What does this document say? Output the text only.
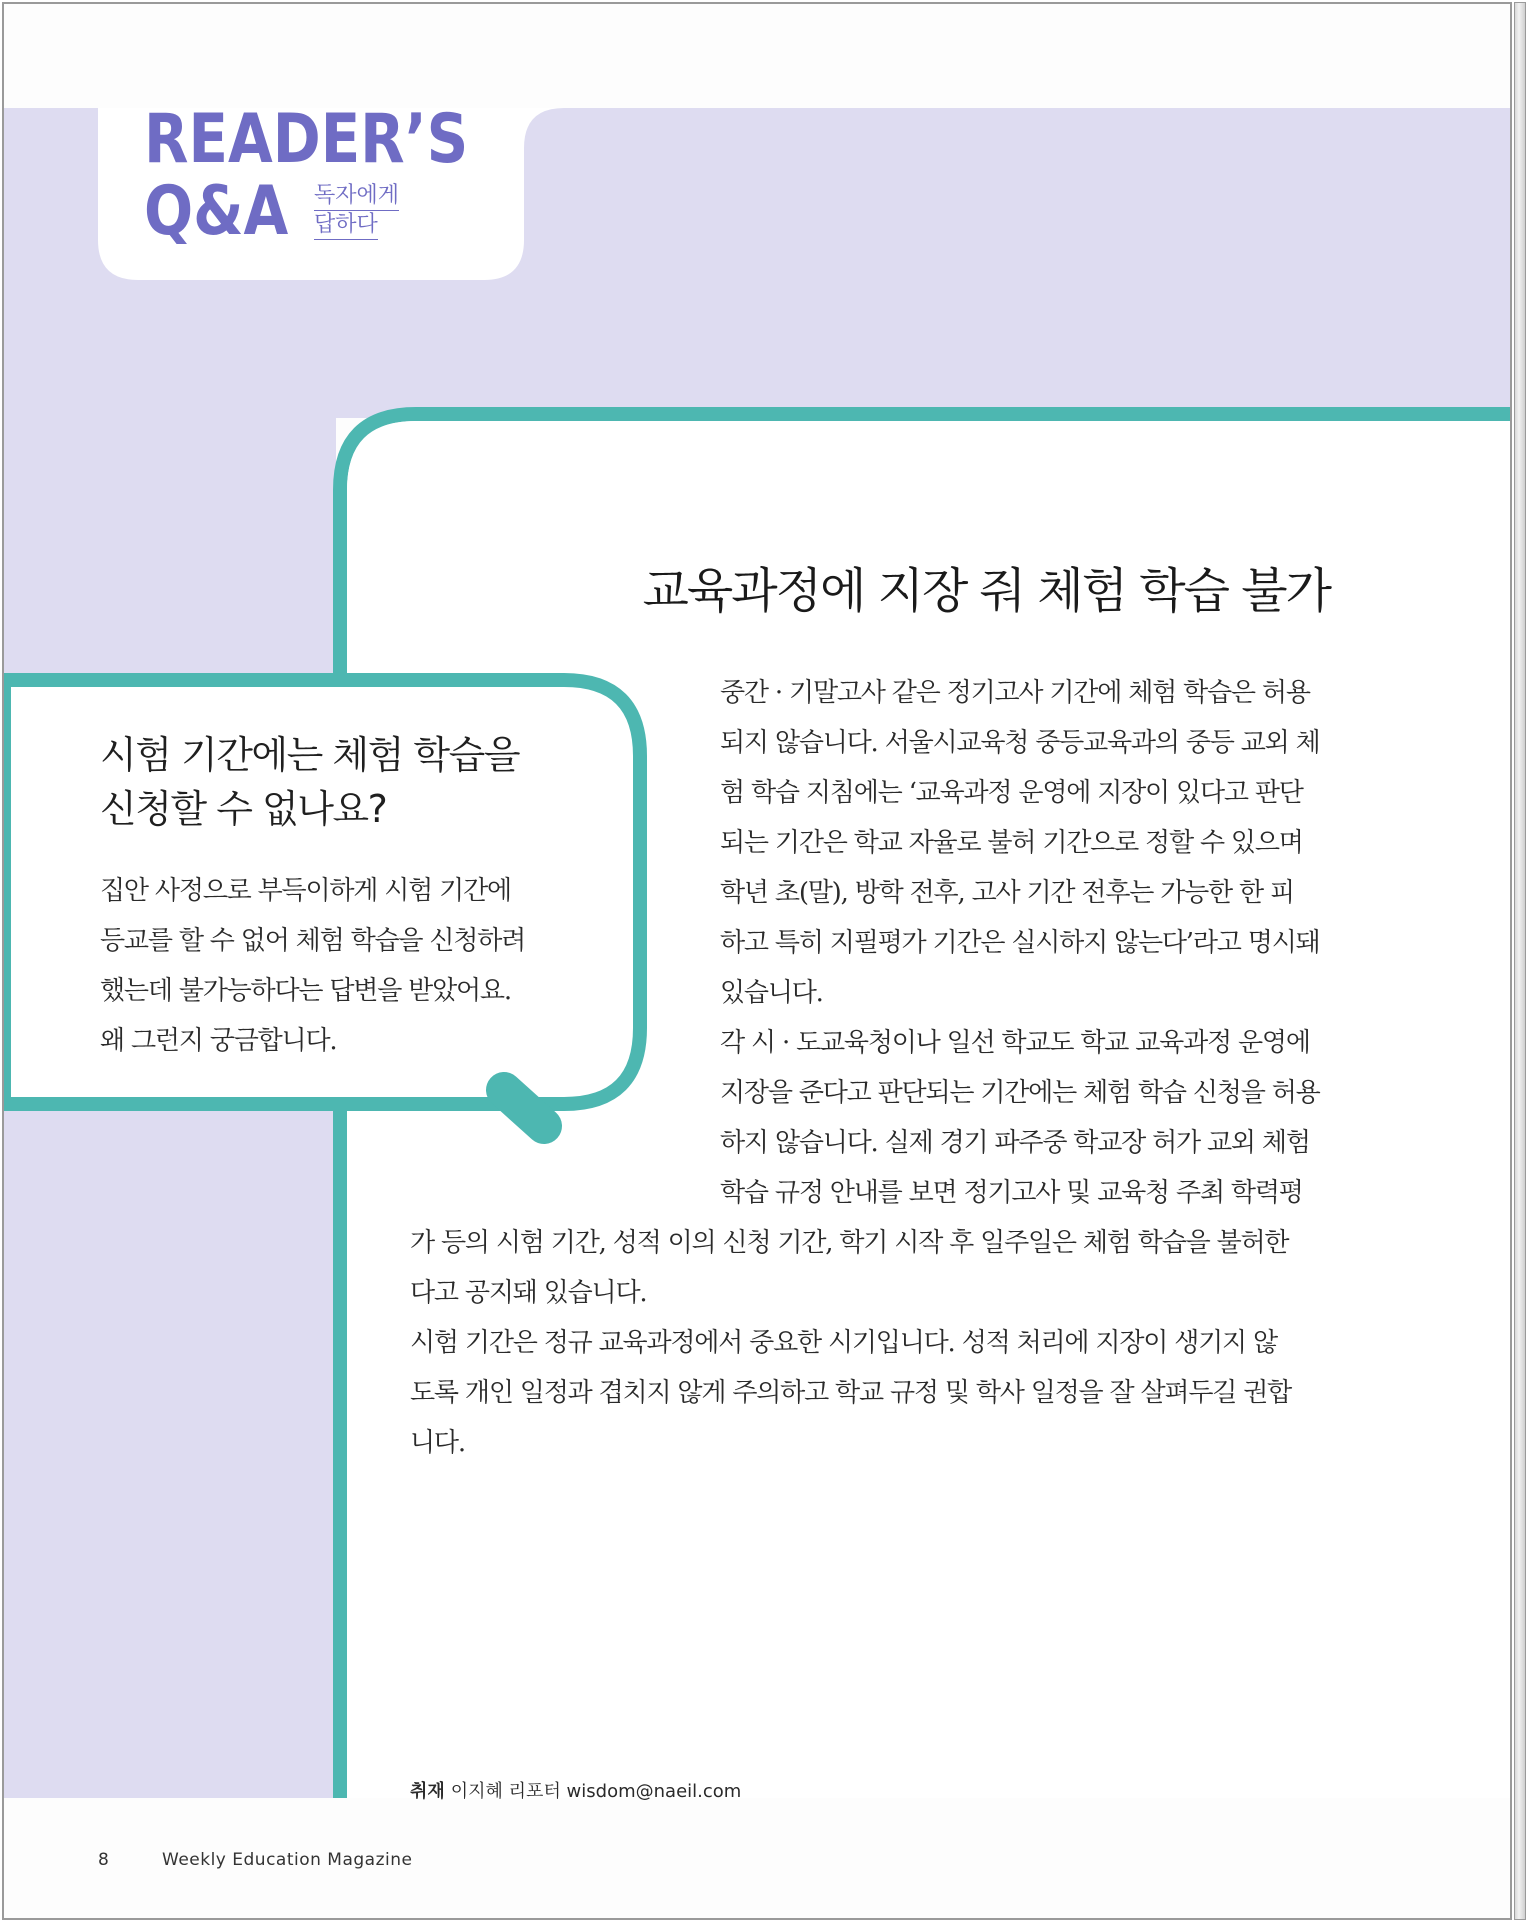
READER’S
Q&A 독자에게
답하다
시험 기간에는 체험 학습을
신청할 수 없나요?

집안 사정으로 부득이하게 시험 기간에

등교를 할 수 없어 체험 학습을 신청하려

했는데 불가능하다는 답변을 받았어요.

왜 그런지 궁금합니다.

교육과정에 지장 줘 체험 학습 불가

중간 · 기말고사 같은 정기고사 기간에 체험 학습은 허용

되지 않습니다. 서울시교육청 중등교육과의 중등 교외 체

험 학습 지침에는 ‘교육과정 운영에 지장이 있다고 판단

되는 기간은 학교 자율로 불허 기간으로 정할 수 있으며

학년 초(말), 방학 전후, 고사 기간 전후는 가능한 한 피

하고 특히 지필평가 기간은 실시하지 않는다’라고 명시돼

있습니다.

각 시 · 도교육청이나 일선 학교도 학교 교육과정 운영에

지장을 준다고 판단되는 기간에는 체험 학습 신청을 허용

하지 않습니다. 실제 경기 파주중 학교장 허가 교외 체험

학습 규정 안내를 보면 정기고사 및 교육청 주최 학력평

가 등의 시험 기간, 성적 이의 신청 기간, 학기 시작 후 일주일은 체험 학습을 불허한

다고 공지돼 있습니다.

시험 기간은 정규 교육과정에서 중요한 시기입니다. 성적 처리에 지장이 생기지 않

도록 개인 일정과 겹치지 않게 주의하고 학교 규정 및 학사 일정을 잘 살펴두길 권합

니다.

취재 이지혜 리포터 wisdom@naeil.com
8	Weekly Education Magazine
